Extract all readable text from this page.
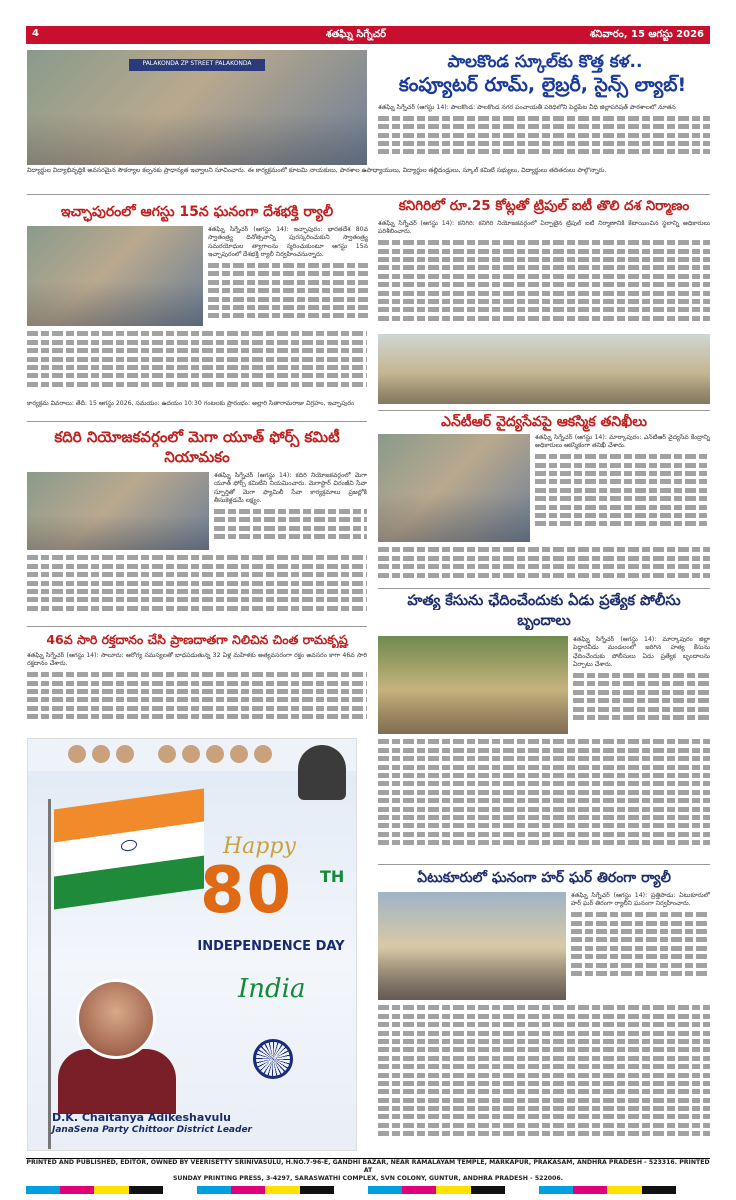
4	శతఘ్ని సిగ్నేచర్	శనివారం, 15 ఆగస్టు 2026
PALAKONDA ZP STREET PALAKONDA	పాలకొండ స్కూల్‌కు కొత్త కళ..
కంప్యూటర్ రూమ్, లైబ్రరీ, సైన్స్ ల్యాబ్!
శతఘ్ని సిగ్నేచర్ (ఆగస్టు 14): పాలకొండ: పాలకొండ నగర పంచాయతీ పరిధిలోని పెద్దపేట వీధి జిల్లాపరిషత్ పాఠశాలలో నూతన
విద్యార్థుల విద్యాభివృద్ధికి అవసరమైన సౌకర్యాల కల్పనకు ప్రాధాన్యత ఇవ్వాలని సూచించారు. ఈ కార్యక్రమంలో కూటమి నాయకులు, పాఠశాల ఉపాధ్యాయులు, విద్యార్థుల తల్లిదండ్రులు, స్కూల్ కమిటీ సభ్యులు, విద్యార్థులు తదితరులు పాల్గొన్నారు.
ఇచ్ఛాపురంలో ఆగస్టు 15న ఘనంగా దేశభక్తి ర్యాలీ
శతఘ్ని సిగ్నేచర్ (ఆగస్టు 14): ఇచ్ఛాపురం: భారతదేశ 80వ స్వాతంత్ర్య దినోత్సవాన్ని పురస్కరించుకుని స్వాతంత్ర్య సమరయోధుల త్యాగాలను స్మరించుకుంటూ ఆగస్టు 15న ఇచ్ఛాపురంలో దేశభక్తి ర్యాలీ నిర్వహించనున్నారు.
కార్యక్రమ వివరాలు: తేదీ: 15 ఆగస్టు 2026, సమయం: ఉదయం 10:30 గంటలకు ప్రారంభం: అల్లారి సీతారామరాజు విగ్రహం, ఇచ్ఛాపురం
కనిగిరిలో రూ.25 కోట్లతో ట్రిపుల్ ఐటీ తొలి దశ నిర్మాణం
శతఘ్ని సిగ్నేచర్ (ఆగస్టు 14): కనిగిరి: కనిగిరి నియోజకవర్గంలో ఏర్పాటైన ట్రిపుల్ ఐటీ నిర్మాణానికి కేటాయించిన స్థలాన్ని అధికారులు పరిశీలించారు.
కదిరి నియోజకవర్గంలో మెగా యూత్ ఫోర్స్ కమిటీ
నియామకం
శతఘ్ని సిగ్నేచర్ (ఆగస్టు 14): కదిరి నియోజకవర్గంలో మెగా యూత్ ఫోర్స్ కమిటీని నియమించారు. మెగాస్టార్ చిరంజీవి సేవా స్ఫూర్తితో మెగా ఫ్యామిలీ సేవా కార్యక్రమాలు ప్రజల్లోకి తీసుకెళ్లడమే లక్ష్యం.
ఎన్‌టీఆర్ వైద్యసేవపై ఆకస్మిక తనిఖీలు
శతఘ్ని సిగ్నేచర్ (ఆగస్టు 14): మార్కాపురం: ఎన్‌టీఆర్ వైద్యసేవ కేంద్రాన్ని అధికారులు ఆకస్మికంగా తనిఖీ చేశారు.
46వ సారి రక్తదానం చేసి ప్రాణదాతగా నిలిచిన చింత రామకృష్ణ
శతఘ్ని సిగ్నేచర్ (ఆగస్టు 14): సాలూరు: ఆరోగ్య సమస్యలతో బాధపడుతున్న 32 ఏళ్ల మహిళకు అత్యవసరంగా రక్తం అవసరం కాగా 46వ సారి రక్తదానం చేశారు.
హత్య కేసును ఛేదించేందుకు ఏడు ప్రత్యేక పోలీసు
బృందాలు
శతఘ్ని సిగ్నేచర్ (ఆగస్టు 14): మార్కాపురం జిల్లా పెద్దారవీడు మండలంలో జరిగిన హత్య కేసును ఛేదించేందుకు పోలీసులు ఏడు ప్రత్యేక బృందాలను ఏర్పాటు చేశారు.
ఏటుకూరులో ఘనంగా హర్ ఘర్ తిరంగా ర్యాలీ
శతఘ్ని సిగ్నేచర్ (ఆగస్టు 14): ప్రత్తిపాడు: ఏటుకూరులో హర్ ఘర్ తిరంగా ర్యాలీని ఘనంగా నిర్వహించారు.
Happy
80 TH
INDEPENDENCE DAY
India
D.K. Chaitanya Adikeshavulu
JanaSena Party Chittoor District Leader
PRINTED AND PUBLISHED, EDITOR, OWNED BY VEERISETTY SRINIVASULU, H.NO.7-96-E, GANDHI BAZAR, NEAR RAMALAYAM TEMPLE, MARKAPUR, PRAKASAM, ANDHRA PRADESH - 523316. PRINTED AT
SUNDAY PRINTING PRESS, 3-4297, SARASWATHI COMPLEX, SVN COLONY, GUNTUR, ANDHRA PRADESH - 522006.
